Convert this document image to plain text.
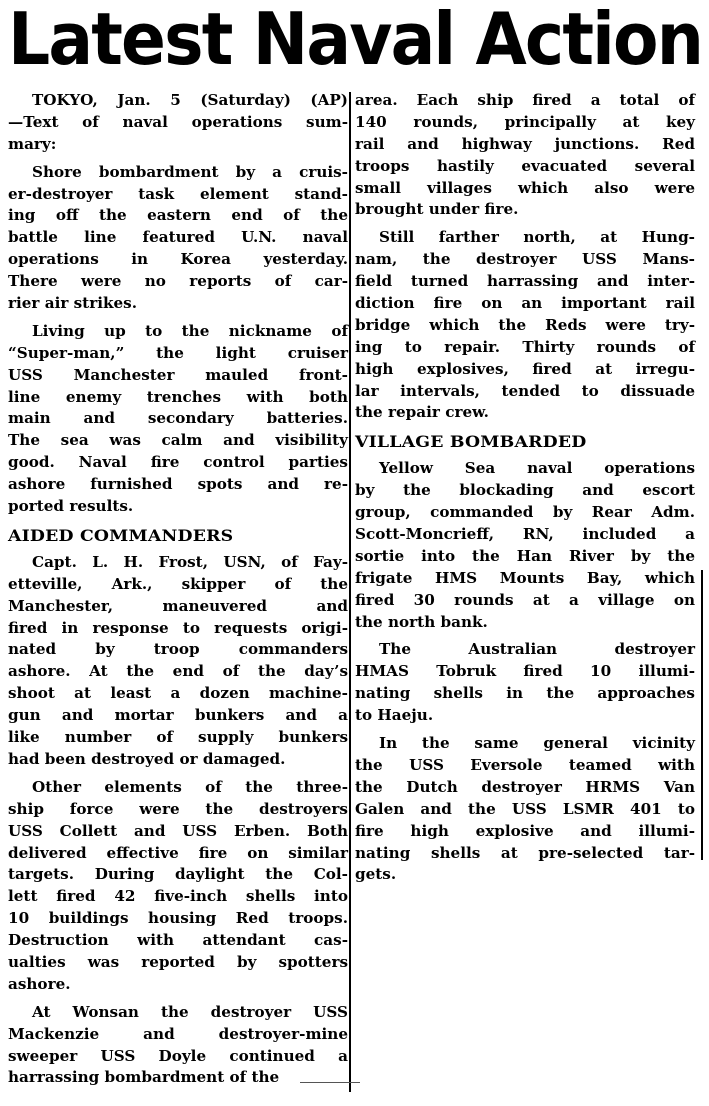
Latest Naval Action
TOKYO, Jan. 5 (Saturday) (AP)
—Text of naval operations sum-
mary:
Shore bombardment by a cruis-
er-destroyer task element stand-
ing off the eastern end of the
battle line featured U.N. naval
operations in Korea yesterday.
There were no reports of car-
rier air strikes.
Living up to the nickname of
“Super-man,” the light cruiser
USS Manchester mauled front-
line enemy trenches with both
main and secondary batteries.
The sea was calm and visibility
good. Naval fire control parties
ashore furnished spots and re-
ported results.
AIDED COMMANDERS
Capt. L. H. Frost, USN, of Fay-
etteville, Ark., skipper of the
Manchester, maneuvered and
fired in response to requests origi-
nated by troop commanders
ashore. At the end of the day’s
shoot at least a dozen machine-
gun and mortar bunkers and a
like number of supply bunkers
had been destroyed or damaged.
Other elements of the three-
ship force were the destroyers
USS Collett and USS Erben. Both
delivered effective fire on similar
targets. During daylight the Col-
lett fired 42 five-inch shells into
10 buildings housing Red troops.
Destruction with attendant cas-
ualties was reported by spotters
ashore.
At Wonsan the destroyer USS
Mackenzie and destroyer-mine
sweeper USS Doyle continued a
harrassing bombardment of the
area. Each ship fired a total of
140 rounds, principally at key
rail and highway junctions. Red
troops hastily evacuated several
small villages which also were
brought under fire.
Still farther north, at Hung-
nam, the destroyer USS Mans-
field turned harrassing and inter-
diction fire on an important rail
bridge which the Reds were try-
ing to repair. Thirty rounds of
high explosives, fired at irregu-
lar intervals, tended to dissuade
the repair crew.
VILLAGE BOMBARDED
Yellow Sea naval operations
by the blockading and escort
group, commanded by Rear Adm.
Scott-Moncrieff, RN, included a
sortie into the Han River by the
frigate HMS Mounts Bay, which
fired 30 rounds at a village on
the north bank.
The Australian destroyer
HMAS Tobruk fired 10 illumi-
nating shells in the approaches
to Haeju.
In the same general vicinity
the USS Eversole teamed with
the Dutch destroyer HRMS Van
Galen and the USS LSMR 401 to
fire high explosive and illumi-
nating shells at pre-selected tar-
gets.
